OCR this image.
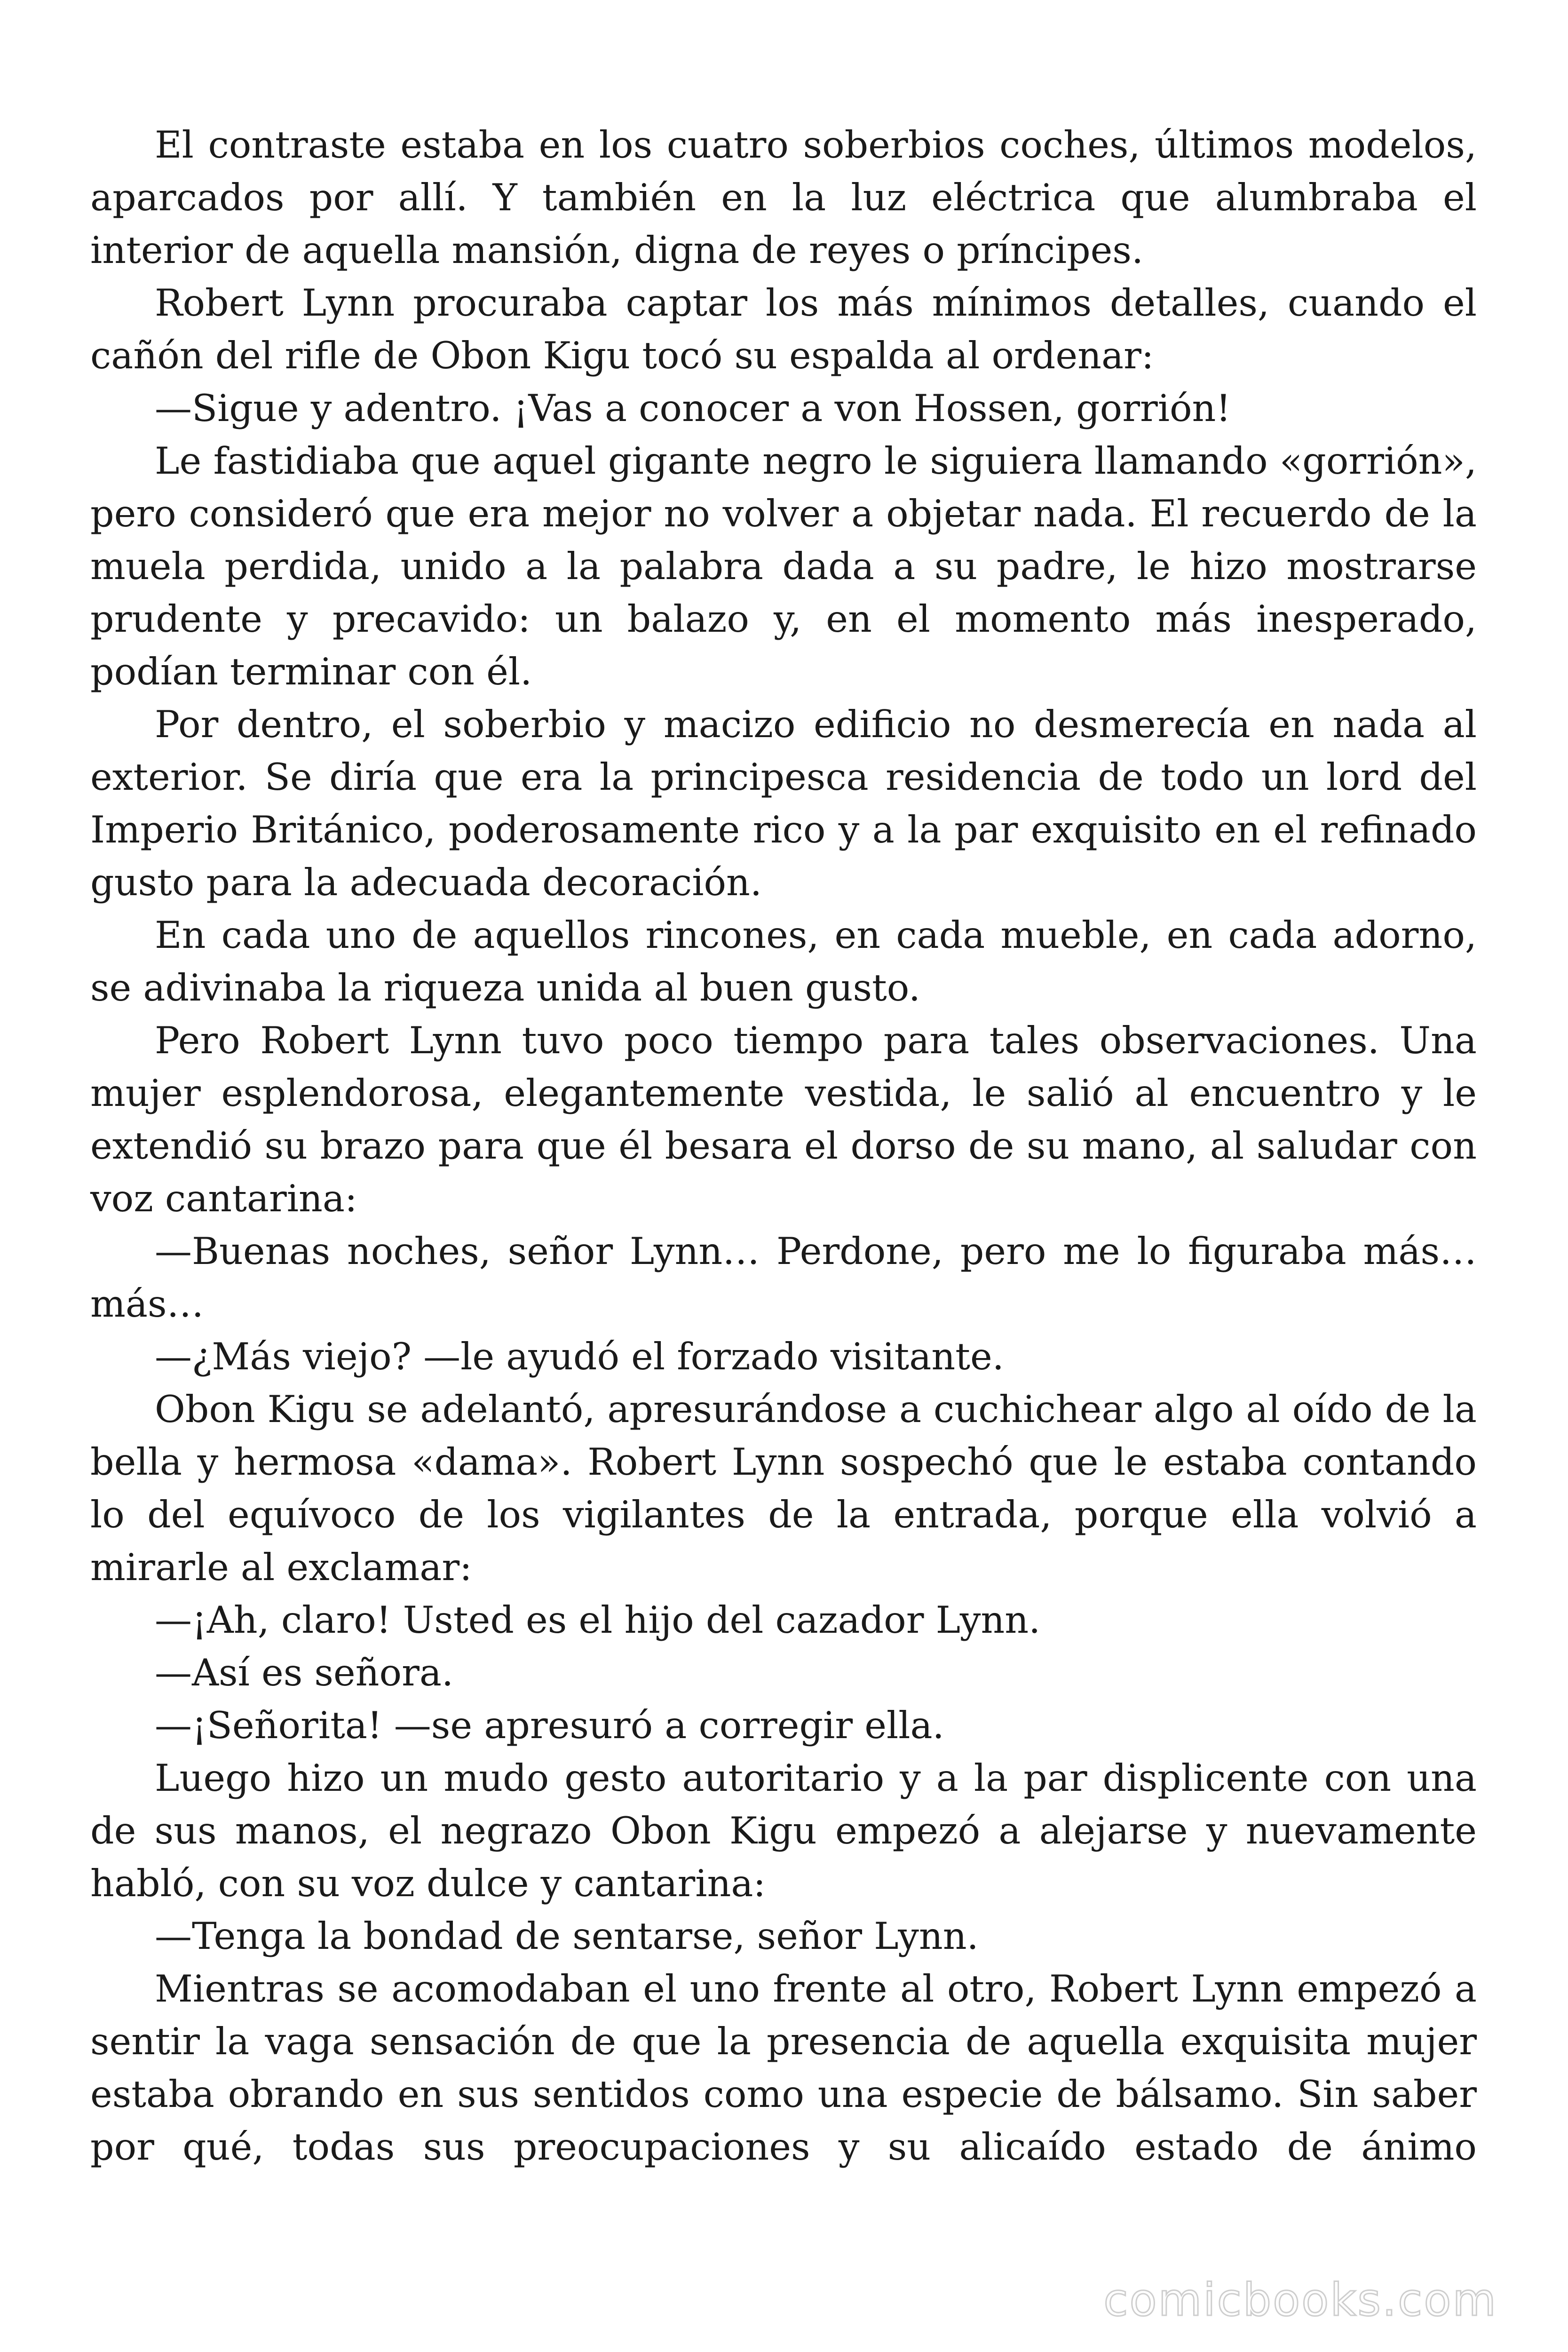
El contraste estaba en los cuatro soberbios coches, últimos modelos, aparcados por allí. Y también en la luz eléctrica que alumbraba el interior de aquella mansión, digna de reyes o príncipes.

Robert Lynn procuraba captar los más mínimos detalles, cuando el cañón del rifle de Obon Kigu tocó su espalda al ordenar:

—Sigue y adentro. ¡Vas a conocer a von Hossen, gorrión!

Le fastidiaba que aquel gigante negro le siguiera llamando «gorrión», pero consideró que era mejor no volver a objetar nada. El recuerdo de la muela perdida, unido a la palabra dada a su padre, le hizo mostrarse prudente y precavido: un balazo y, en el momento más inesperado, podían terminar con él.

Por dentro, el soberbio y macizo edificio no desmerecía en nada al exterior. Se diría que era la principesca residencia de todo un lord del Imperio Británico, poderosamente rico y a la par exquisito en el refinado gusto para la adecuada decoración.

En cada uno de aquellos rincones, en cada mueble, en cada adorno, se adivinaba la riqueza unida al buen gusto.

Pero Robert Lynn tuvo poco tiempo para tales observaciones. Una mujer esplendorosa, elegantemente vestida, le salió al encuentro y le extendió su brazo para que él besara el dorso de su mano, al saludar con voz cantarina:

—Buenas noches, señor Lynn… Perdone, pero me lo figuraba más… más…

—¿Más viejo? —le ayudó el forzado visitante.

Obon Kigu se adelantó, apresurándose a cuchichear algo al oído de la bella y hermosa «dama». Robert Lynn sospechó que le estaba contando lo del equívoco de los vigilantes de la entrada, porque ella volvió a mirarle al exclamar:

—¡Ah, claro! Usted es el hijo del cazador Lynn.

—Así es señora.

—¡Señorita! —se apresuró a corregir ella.

Luego hizo un mudo gesto autoritario y a la par displicente con una de sus manos, el negrazo Obon Kigu empezó a alejarse y nuevamente habló, con su voz dulce y cantarina:

—Tenga la bondad de sentarse, señor Lynn.

Mientras se acomodaban el uno frente al otro, Robert Lynn empezó a sentir la vaga sensación de que la presencia de aquella exquisita mujer estaba obrando en sus sentidos como una especie de bálsamo. Sin saber por qué, todas sus preocupaciones y su alicaído estado de ánimo

comicbooks.com
